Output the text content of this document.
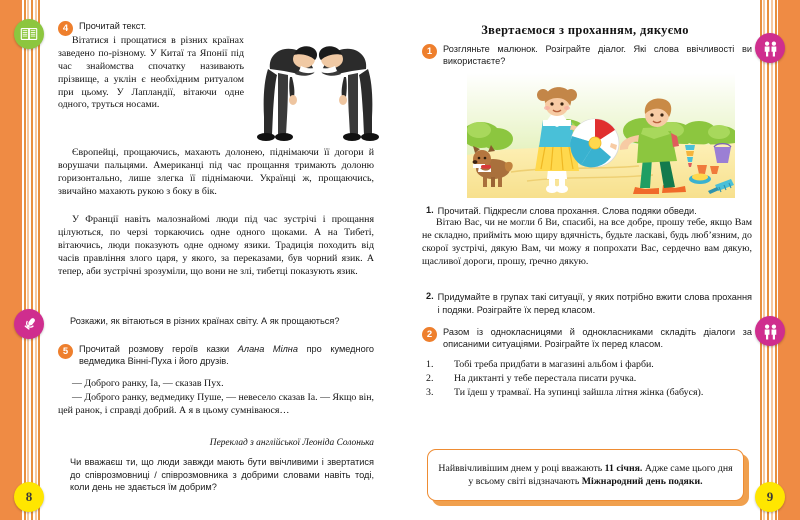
8	9
4	Прочитай текст.
Вітатися і прощатися в різних країнах заведено по-різному. У Китаї та Японії під час знайомства спочатку називають прізвище, а уклін є необхідним ритуалом при цьому. У Лапландії, вітаючи одне одного, труться носами.
Європейці, прощаючись, махають долонею, піднімаючи її догори й ворушачи пальцями. Американці під час прощання тримають долоню горизонтально, лише злегка її піднімаючи. Українці ж, прощаючись, звичайно махають рукою з боку в бік.
У Франції навіть малознайомі люди під час зустрічі і прощання цілуються, по черзі торкаючись одне одного щоками. А на Тибеті, вітаючись, люди показують одне одному язики. Традиція походить від часів правління злого царя, у якого, за переказами, був чорний язик. А тепер, аби зустрічні зрозуміли, що вони не злі, тибетці показують язик.
Розкажи, як вітаються в різних країнах світу. А як прощаються?
5	Прочитай розмову героїв казки Алана Мілна про кумедного ведмедика Вінні-Пуха і його друзів.
— Доброго ранку, Іа, — сказав Пух.
— Доброго ранку, ведмедику Пуше, — невесело сказав Іа. — Якщо він, цей ранок, і справді добрий. А я в цьому сумніваюся…
Переклад з англійської Леоніда Солонька
Чи вважаєш ти, що люди завжди мають бути ввічливими і звертатися до співрозмовниці / співрозмовника з добрими словами навіть тоді, коли день не здається їм добрим?
Звертаємося з проханням, дякуємо
1	Розгляньте малюнок. Розіграйте діалог. Які слова ввічливості ви використаєте?
1. Прочитай. Підкресли слова прохання. Слова подяки обведи.
Вітаю Вас, чи не могли б Ви, спасибі, на все добре, прошу тебе, якщо Вам не складно, прийміть мою щиру вдячність, будьте ласкаві, будь люб’язним, до скорої зустрічі, дякую Вам, чи можу я попрохати Вас, сердечно вам дякую, щасливої дороги, прошу, ґречно дякую.
2. Придумайте в групах такі ситуації, у яких потрібно вжити слова прохання і подяки. Розіграйте їх перед класом.
2	Разом із однокласницями й однокласниками складіть діалоги за описаними ситуаціями. Розіграйте їх перед класом.
1. Тобі треба придбати в магазині альбом і фарби.
2. На диктанті у тебе перестала писати ручка.
3. Ти їдеш у трамваї. На зупинці зайшла літня жінка (бабуся).
Найввічливішим днем у році вважають 11 січня. Адже саме цього дня у всьому світі відзначають Міжнародний день подяки.
